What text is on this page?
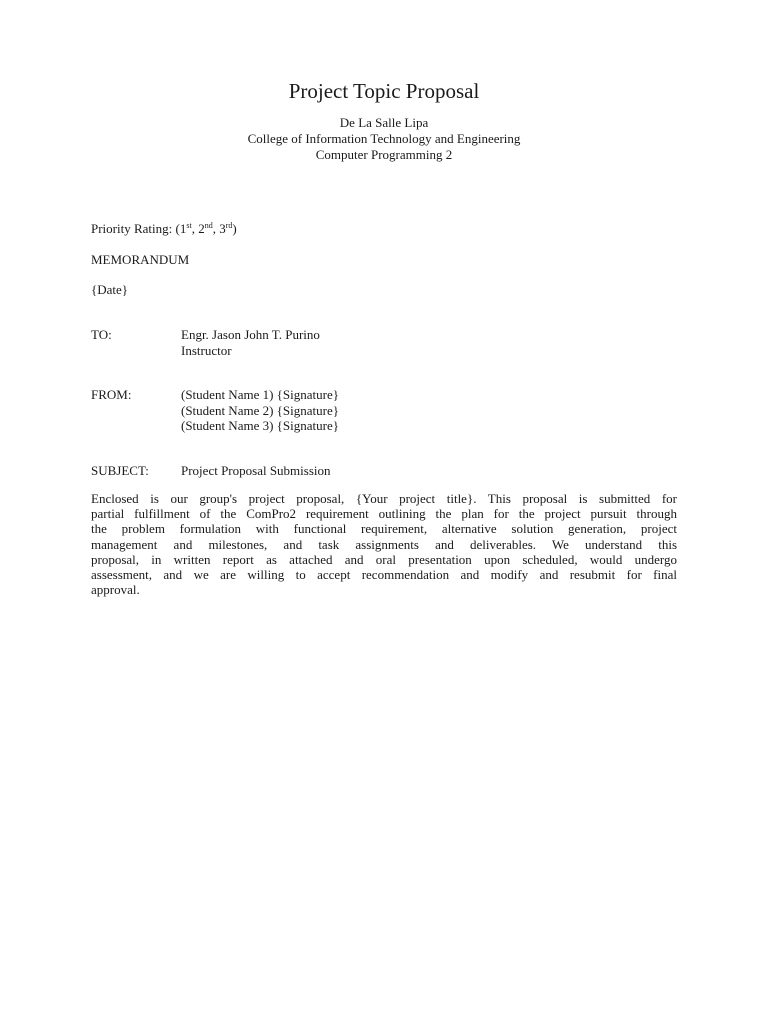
Project Topic Proposal
De La Salle Lipa
College of Information Technology and Engineering
Computer Programming 2
Priority Rating: (1st, 2nd, 3rd)
MEMORANDUM
{Date}
TO:	Engr. Jason John T. Purino
Instructor
FROM:	(Student Name 1) {Signature}
(Student Name 2) {Signature}
(Student Name 3) {Signature}
SUBJECT: Project Proposal Submission
Enclosed is our group's project proposal, {Your project title}. This proposal is submitted for
partial fulfillment of the ComPro2 requirement outlining the plan for the project pursuit through
the problem formulation with functional requirement, alternative solution generation, project
management and milestones, and task assignments and deliverables. We understand this
proposal, in written report as attached and oral presentation upon scheduled, would undergo
assessment, and we are willing to accept recommendation and modify and resubmit for final
approval.
